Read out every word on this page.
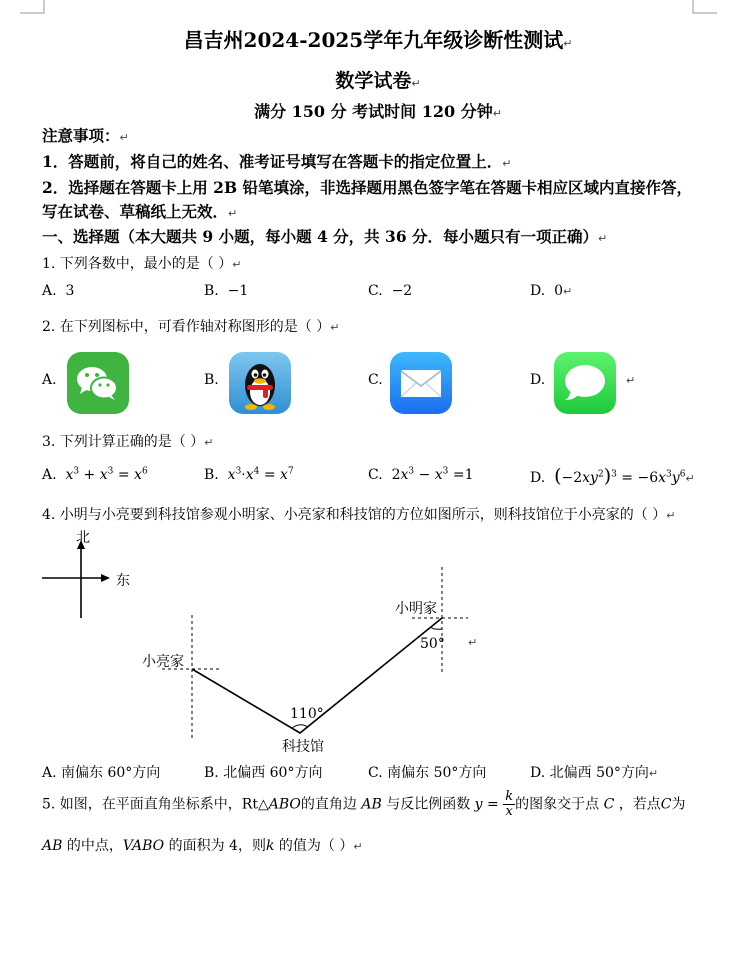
昌吉州2024-2025学年九年级诊断性测试↵
数学试卷↵
满分 150 分 考试时间 120 分钟↵
注意事项：↵
1．答题前，将自己的姓名、准考证号填写在答题卡的指定位置上．↵
2．选择题在答题卡上用 2B 铅笔填涂，非选择题用黑色签字笔在答题卡相应区域内直接作答，
写在试卷、草稿纸上无效．↵
一、选择题（本大题共 9 小题，每小题 4 分，共 36 分．每小题只有一项正确）↵
1. 下列各数中，最小的是（ ）↵
A. 3	B. −1	C. −2	D. 0↵
2. 在下列图标中，可看作轴对称图形的是（ ）↵
A.	B.	C.	D.	↵
3. 下列计算正确的是（ ）↵
A. $x^3 + x^3 = x^6$	B. $x^3\cdot x^4 = x^7$	C.  $2x^3 - x^3 =1$	D. $(-2xy^2)^3$ = $-6x^3y^6↵$
4. 小明与小亮要到科技馆参观小明家、小亮家和科技馆的方位如图所示，则科技馆位于小亮家的（ ）↵
北
东
小明家
小亮家
50°
110°
科技馆
↵
A. 南偏东 60°方向	B. 北偏西 60°方向	C. 南偏东 50°方向	D. 北偏西 50°方向↵
5. 如图，在平面直角坐标系中，Rt△ABO的直角边 AB 与反比例函数 $y = \frac{k}{x}$ 的图象交于点 C ，若点C为
AB 的中点，VABO 的面积为 4，则k 的值为（ ）↵
